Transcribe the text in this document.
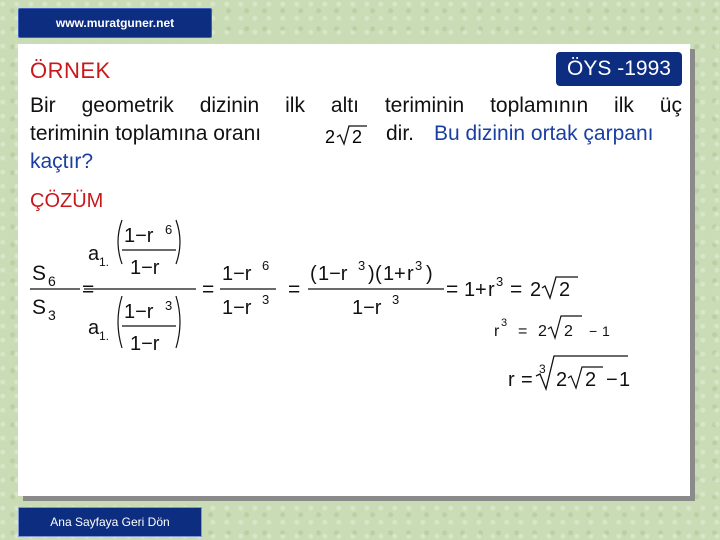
www.muratguner.net
ÖRNEK	ÖYS -1993
Bir geometrik dizinin ilk altı teriminin toplamının ilk üç
teriminin toplamına oranı	2 2 dir. Bu dizinin ortak çarpanı
kaçtır?
ÇÖZÜM
S 6
S 3
=
a 1.
1−r 6
1−r
a 1.
1−r 3
1−r
=
1−r 6
1−r 3 =
( 1−r 3 ) ( 1 + r 3 )
1−r 3 = 1 + r 3 = 2 2
r 3 = 2 2 − 1
r = 3 2 2 − 1
Ana Sayfaya Geri Dön
